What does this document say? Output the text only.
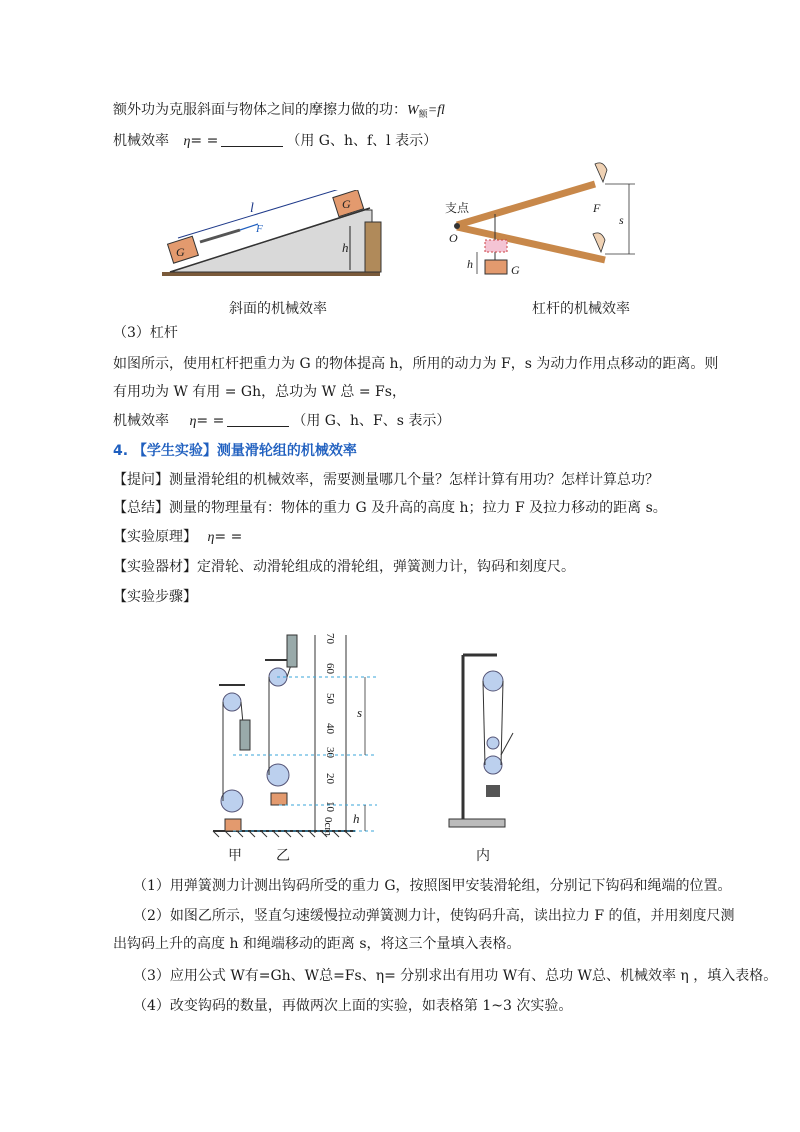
额外功为克服斜面与物体之间的摩擦力做的功：$W_额=fl$
机械效率 η= =	（用 G、h、f、l 表示）
G
G
F
l
h
支点
O
F
s
h	G
斜面的机械效率	杠杆的机械效率
（3）杠杆
如图所示，使用杠杆把重力为 G 的物体提高 h，所用的动力为 F，s 为动力作用点移动的距离。则
有用功为 W 有用 = Gh，总功为 W 总 = Fs，
机械效率 η= =	（用 G、h、F、s 表示）
4. 【学生实验】测量滑轮组的机械效率
【提问】测量滑轮组的机械效率，需要测量哪几个量？怎样计算有用功？怎样计算总功？
【总结】测量的物理量有：物体的重力 G 及升高的高度 h；拉力 F 及拉力移动的距离 s。
【实验原理】 η= =
【实验器材】定滑轮、动滑轮组成的滑轮组，弹簧测力计，钩码和刻度尺。
【实验步骤】
70
60
50
40
30
20
10
0cm
s
h
甲 乙	内
（1）用弹簧测力计测出钩码所受的重力 G，按照图甲安装滑轮组，分别记下钩码和绳端的位置。
（2）如图乙所示，竖直匀速缓慢拉动弹簧测力计，使钩码升高，读出拉力 F 的值，并用刻度尺测
出钩码上升的高度 h 和绳端移动的距离 s，将这三个量填入表格。
（3）应用公式 W有=Gh、W总=Fs、η= 分别求出有用功 W有、总功 W总、机械效率 η ，填入表格。
（4）改变钩码的数量，再做两次上面的实验，如表格第 1~3 次实验。
